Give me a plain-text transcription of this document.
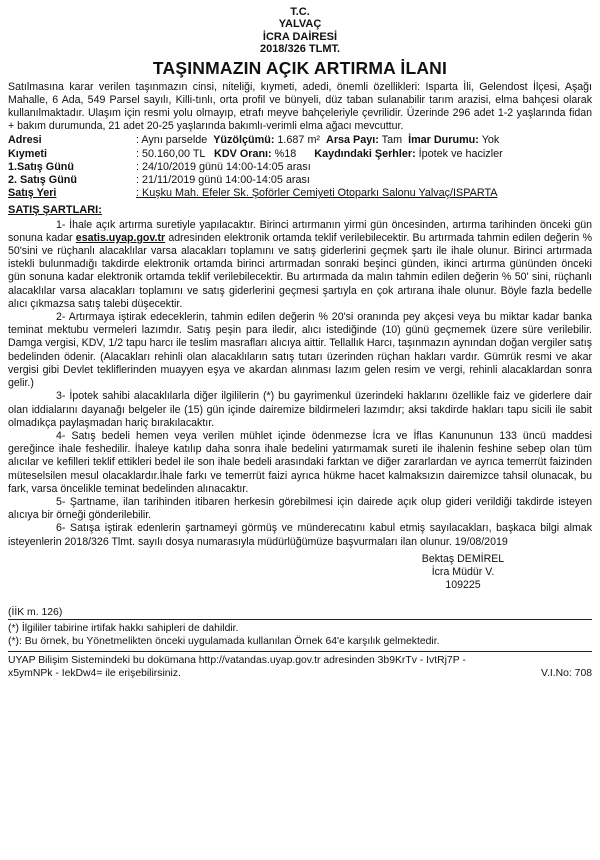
T.C.
YALVAÇ
İCRA DAİRESİ
2018/326 TLMT.
TAŞINMAZIN AÇIK ARTIRMA İLANI

Satılmasına karar verilen taşınmazın cinsi, niteliği, kıymeti, adedi, önemli özellikleri: Isparta İli, Gelendost İlçesi, Aşağı Mahalle, 6 Ada, 549 Parsel sayılı, Killi-tınlı, orta profil ve bünyeli, düz taban sulanabilir tarım arazisi, elma bahçesi olarak kullanılmaktadır. Ulaşım için resmi yolu olmayıp, etrafı meyve bahçeleriyle çevrilidir. Üzerinde 296 adet 1-2 yaşlarında fidan + bakım durumunda, 21 adet 20-25 yaşlarında bakımlı-verimli elma ağacı mevcuttur.

Adresi	: Aynı parselde Yüzölçümü: 1.687 m² Arsa Payı: Tam İmar Durumu: Yok
Kıymeti	: 50.160,00 TL KDV Oranı: %18 Kaydındaki Şerhler: İpotek ve hacizler
1.Satış Günü	: 24/10/2019 günü 14:00-14:05 arası
2. Satış Günü	: 21/11/2019 günü 14:00-14:05 arası
Satış Yeri	: Kuşku Mah. Efeler Sk. Şoförler Cemiyeti Otoparkı Salonu Yalvaç/ISPARTA
SATIŞ ŞARTLARI:

1- İhale açık artırma suretiyle yapılacaktır. Birinci artırmanın yirmi gün öncesinden, artırma tarihinden önceki gün sonuna kadar esatis.uyap.gov.tr adresinden elektronik ortamda teklif verilebilecektir. Bu artırmada tahmin edilen değerin % 50'sini ve rüçhanlı alacaklılar varsa alacakları toplamını ve satış giderlerini geçmek şartı ile ihale olunur. Birinci artırmada istekli bulunmadığı takdirde elektronik ortamda birinci artırmadan sonraki beşinci günden, ikinci artırma gününden önceki gün sonuna kadar elektronik ortamda teklif verilebilecektir. Bu artırmada da malın tahmin edilen değerin % 50' sini, rüçhanlı alacaklılar varsa alacakları toplamını ve satış giderlerini geçmesi şartıyla en çok artırana ihale olunur. Böyle fazla bedelle alıcı çıkmazsa satış talebi düşecektir.

2- Artırmaya iştirak edeceklerin, tahmin edilen değerin % 20'si oranında pey akçesi veya bu miktar kadar banka teminat mektubu vermeleri lazımdır. Satış peşin para iledir, alıcı istediğinde (10) günü geçmemek üzere süre verilebilir. Damga vergisi, KDV, 1/2 tapu harcı ile teslim masrafları alıcıya aittir. Tellallık Harcı, taşınmazın aynından doğan vergiler satış bedelinden ödenir. (Alacakları rehinli olan alacaklıların satış tutarı üzerinden rüçhan hakları vardır. Gümrük resmi ve akar vergisi gibi Devlet tekliflerinden muayyen eşya ve akardan alınması lazım gelen resim ve vergi, rehinli alacaklardan sonra gelir.)

3- İpotek sahibi alacaklılarla diğer ilgililerin (*) bu gayrimenkul üzerindeki haklarını özellikle faiz ve giderlere dair olan iddialarını dayanağı belgeler ile (15) gün içinde dairemize bildirmeleri lazımdır; aksi takdirde hakları tapu sicili ile sabit olmadıkça paylaşmadan hariç bırakılacaktır.

4- Satış bedeli hemen veya verilen mühlet içinde ödenmezse İcra ve İflas Kanununun 133 üncü maddesi gereğince ihale feshedilir. İhaleye katılıp daha sonra ihale bedelini yatırmamak sureti ile ihalenin feshine sebep olan tüm alıcılar ve kefilleri teklif ettikleri bedel ile son ihale bedeli arasındaki farktan ve diğer zararlardan ve ayrıca temerrüt faizinden müteselsilen mesul olacaklardır.İhale farkı ve temerrüt faizi ayrıca hükme hacet kalmaksızın dairemizce tahsil olunacak, bu fark, varsa öncelikle teminat bedelinden alınacaktır.

5- Şartname, ilan tarihinden itibaren herkesin görebilmesi için dairede açık olup gideri verildiği takdirde isteyen alıcıya bir örneği gönderilebilir.

6- Satışa iştirak edenlerin şartnameyi görmüş ve münderecatını kabul etmiş sayılacakları, başkaca bilgi almak isteyenlerin 2018/326 Tlmt. sayılı dosya numarasıyla müdürlüğümüze başvurmaları ilan olunur. 19/08/2019

Bektaş DEMİREL
İcra Müdür V.
109225
(İİK m. 126)
(*) İlgililer tabirine irtifak hakkı sahipleri de dahildir.
(*): Bu örnek, bu Yönetmelikten önceki uygulamada kullanılan Örnek 64'e karşılık gelmektedir.
UYAP Bilişim Sistemindeki bu dokümana http://vatandas.uyap.gov.tr adresinden 3b9KrTv - IvtRj7P -
x5ymNPk - IekDw4= ile erişebilirsiniz.	V.I.No: 708
